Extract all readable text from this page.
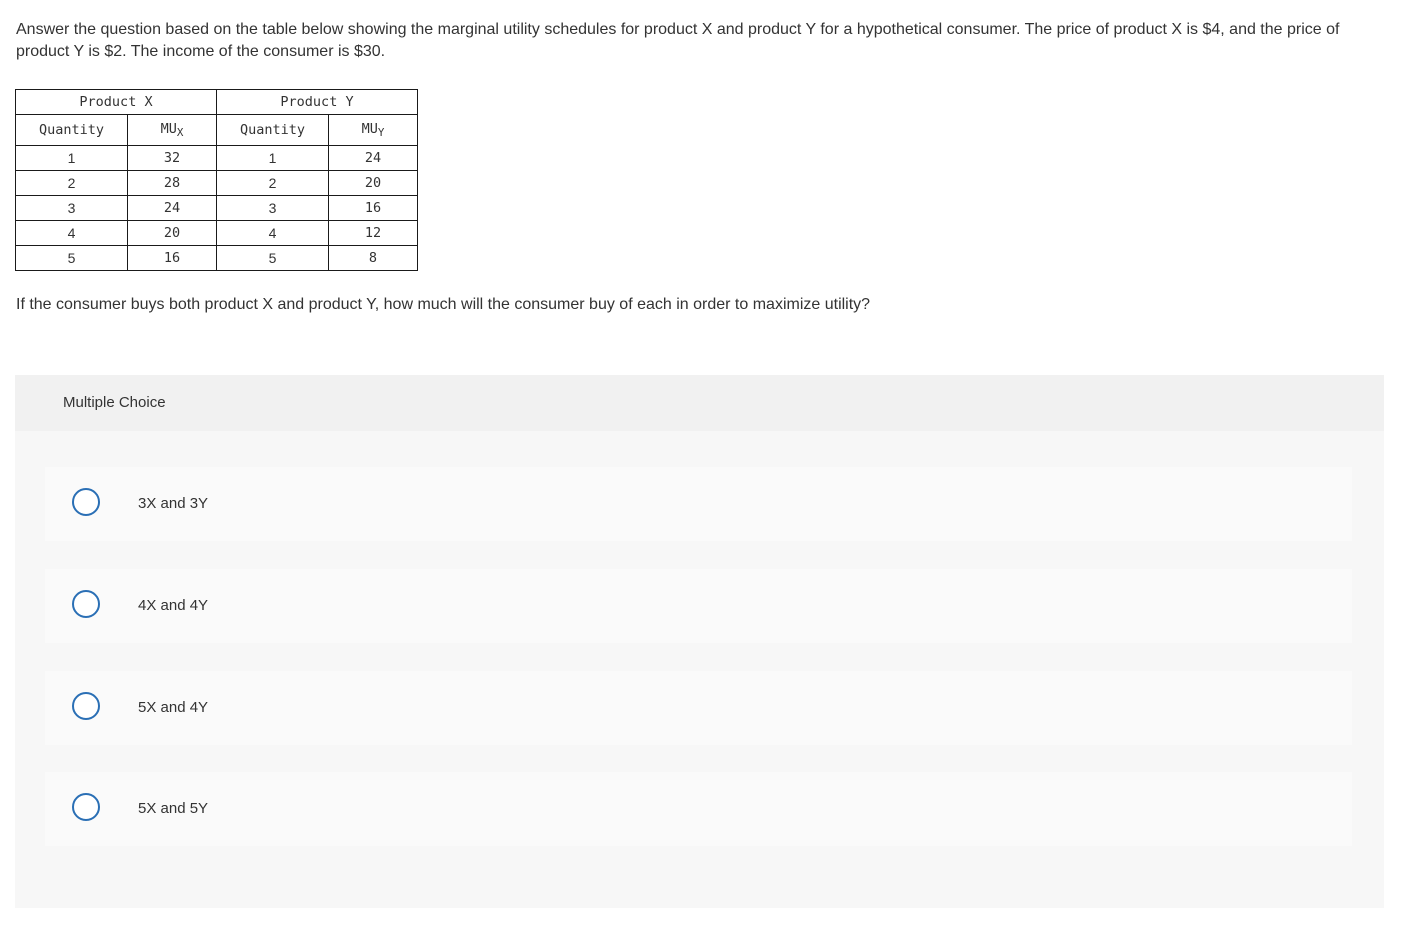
Answer the question based on the table below showing the marginal utility schedules for product X and product Y for a hypothetical consumer. The price of product X is $4, and the price of product Y is $2. The income of the consumer is $30.
Product X		Product Y	
Quantity	$MU_X$	Quantity	$MU_Y$
1	32	1	24
2	28	2	20
3	24	3	16
4	20	4	12
5	16	5	8
If the consumer buys both product X and product Y, how much will the consumer buy of each in order to maximize utility?
Multiple Choice
3X and 3Y
4X and 4Y
5X and 4Y
5X and 5Y
